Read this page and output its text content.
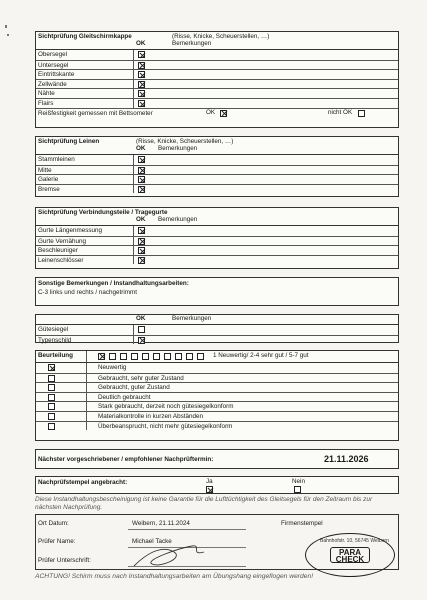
Sichtprüfung Gleitschirmkappe	(Risse, Knicke, Scheuerstellen, …)
OK	Bemerkungen
Obersegel
Untersegel
Eintrittskante
Zellwände
Nähte
Flairs
Reißfestigkeit gemessen mit Bettsometer	OK	nicht OK
Sichtprüfung Leinen	(Risse, Knicke, Scheuerstellen, …)
OK Bemerkungen
Stammleinen
Mitte
Galerie
Bremse
Sichtprüfung Verbindungsteile / Tragegurte
OK Bemerkungen
Gurte Längenmessung
Gurte Vernähung
Beschleuniger
Leinenschlösser
Sonstige Bemerkungen / Instandhaltungsarbeiten:
C-3 links und rechts / nachgetrimmt
OK	Bemerkungen
Gütesiegel
Typenschild
Beurteilung	1 Neuwertig/ 2-4 sehr gut / 5-7 gut
Neuwertig
Gebraucht, sehr guter Zustand
Gebraucht, guter Zustand
Deutlich gebraucht
Stark gebraucht, derzeit noch gütesiegelkonform
Materialkontrolle in kurzen Abständen
Überbeansprucht, nicht mehr gütesiegelkonform
Nächster vorgeschriebener / empfohlener Nachprüftermin:	21.11.2026
Nachprüfstempel angebracht:	Ja	Nein
Diese Instandhaltungsbescheinigung ist keine Garantie für die Lufttüchtigkeit des Gleitsegels für den Zeitraum bis zur nächsten Nachprüfung.
Ort Datum:	Weibern, 21.11.2024	Firmenstempel
Prüfer Name:	Michael Tacke
Prüfer Unterschrift:
Bahnhofstr. 10, 56745 Weibern
PARA CHECK
ACHTUNG! Schirm muss nach Instandhaltungsarbeiten am Übungshang eingeflogen werden!
